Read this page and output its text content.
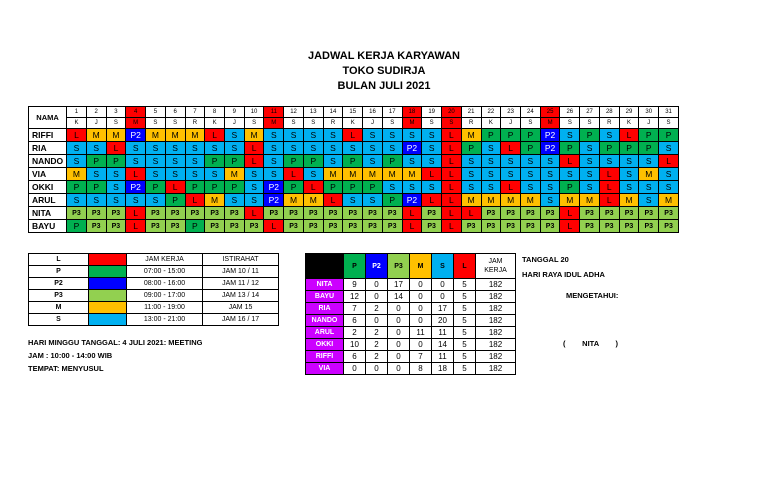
JADWAL KERJA KARYAWAN
TOKO SUDIRJA
BULAN JULI 2021
NAMA	1	2	3	4	5	6	7	8	9	10	11	12	13	14	15	16	17	18	19	20	21	22	23	24	25	26	27	28	29	30	31
	K	J	S	M	S	S	R	K	J	S	M	S	S	R	K	J	S	M	S	S	R	K	J	S	M	S	S	R	K	J	S
RIFFI	L	M	M	P2	M	M	M	L	S	M	S	S	S	S	L	S	S	S	S	L	M	P	P	P	P2	S	P	S	L	P	P
RIA	S	S	L	S	S	S	S	S	S	L	S	S	S	S	S	S	S	P2	S	L	P	S	L	P	P2	P	S	P	P	P	S
NANDO	S	P	P	S	S	S	S	P	P	L	S	P	P	S	P	S	P	S	S	L	S	S	S	S	S	L	S	S	S	S	L
VIA	M	S	S	L	S	S	S	S	M	S	S	L	S	M	M	M	M	M	L	L	S	S	S	S	S	S	S	L	S	M	S
OKKI	P	P	S	P2	P	L	P	P	P	S	P2	P	L	P	P	P	S	S	S	L	S	S	L	S	S	P	S	L	S	S	S
ARUL	S	S	S	S	S	P	L	M	S	S	P2	M	M	L	S	S	P	P2	L	L	M	M	M	M	S	M	M	L	M	S	M
NITA	P3	P3	P3	L	P3	P3	P3	P3	P3	L	P3	P3	P3	P3	P3	P3	P3	L	P3	L	L	P3	P3	P3	P3	L	P3	P3	P3	P3	P3
BAYU	P	P3	P3	L	P3	P3	P	P3	P3	P3	L	P3	P3	P3	P3	P3	P3	L	P3	L	P3	P3	P3	P3	P3	L	P3	P3	P3	P3	P3
L		JAM KERJA	ISTIRAHAT
P		07:00 - 15:00	JAM 10 / 11
P2		08:00 - 16:00	JAM 11 / 12
P3		09:00 - 17:00	JAM 13 / 14
M		11:00 - 19:00	JAM 15
S		13:00 - 21:00	JAM 16 / 17
	P	P2	P3	M	S	L	JAM
KERJA

NITA	9	0	17	0	0	5	182
BAYU	12	0	14	0	0	5	182
RIA	7	2	0	0	17	5	182
NANDO	6	0	0	0	20	5	182
ARUL	2	2	0	11	11	5	182
OKKI	10	2	0	0	14	5	182
RIFFI	6	2	0	7	11	5	182
VIA	0	0	0	8	18	5	182
TANGGAL 20
HARI RAYA IDUL ADHA
MENGETAHUI:
(        NITA        )
HARI MINGGU TANGGAL: 4 JULI 2021: MEETING
JAM : 10:00 - 14:00 WIB
TEMPAT: MENYUSUL
